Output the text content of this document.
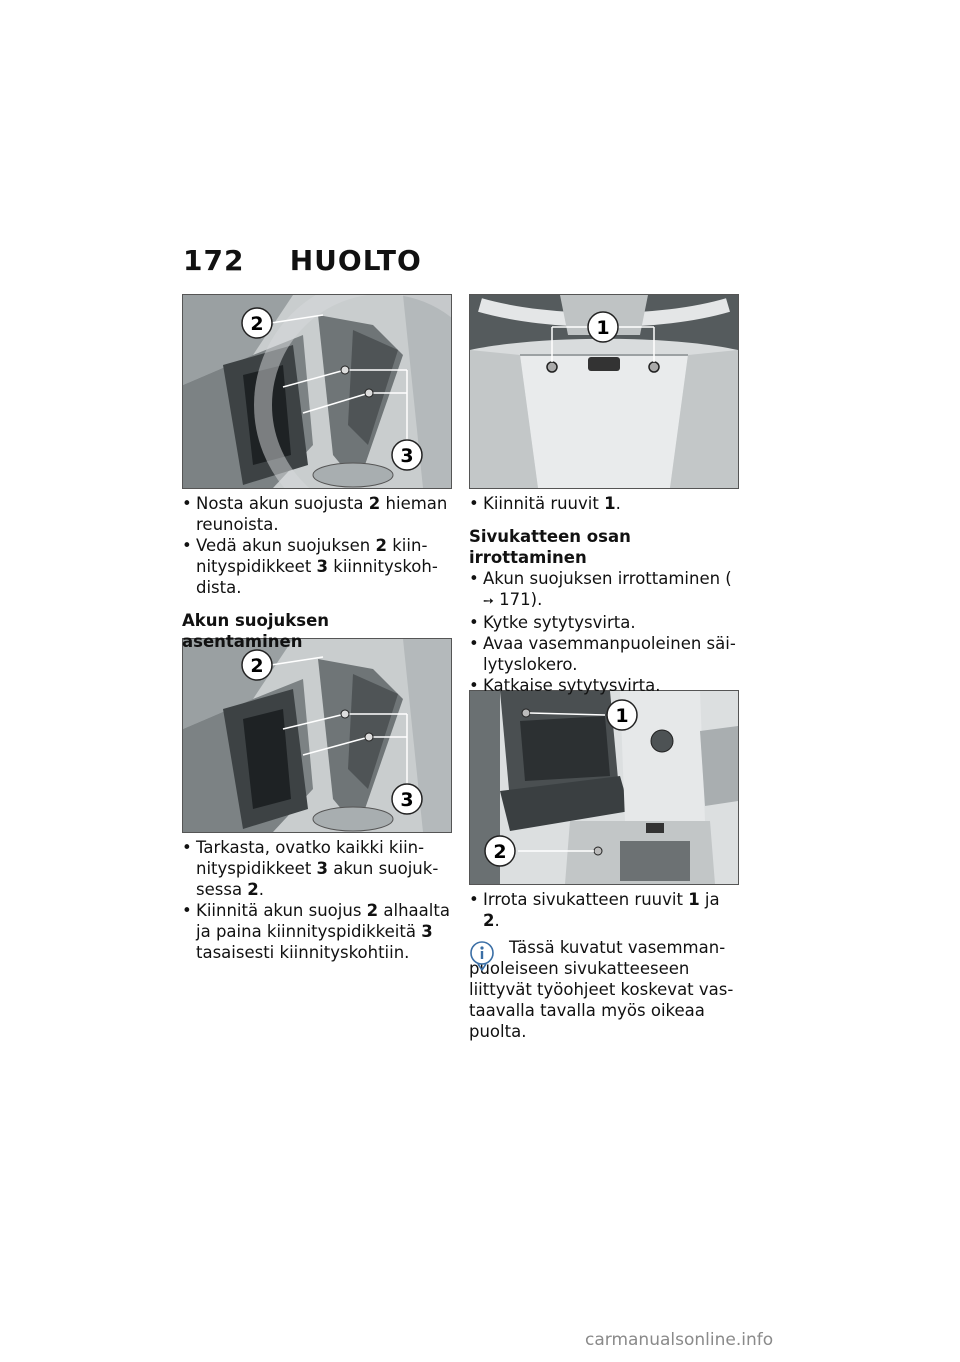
172 HUOLTO
2
3
1
2
3
1
2

• Nosta akun suojusta 2 hieman reunoista.

• Vedä akun suojuksen 2 kiinnityspidikkeet 3 kiinnityskohdista.

Akun suojuksen asentaminen

• Tarkasta, ovatko kaikki kiinnityspidikkeet 3 akun suojuksessa 2.

• Kiinnitä akun suojus 2 alhaalta ja paina kiinnityspidikkeitä 3 tasaisesti kiinnityskohtiin.

• Kiinnitä ruuvit 1.

Sivukatteen osan irrottaminen

• Akun suojuksen irrottaminen (➙ 171).

• Kytke sytytysvirta.

• Avaa vasemmanpuoleinen säilytyslokero.

• Katkaise sytytysvirta.

• Irrota sivukatteen ruuvit 1 ja 2.

Tässä kuvatut vasemmanpuoleiseen sivukatteeseen liittyvät työohjeet koskevat vastaavalla tavalla myös oikeaa puolta.

carmanualsonline.info
